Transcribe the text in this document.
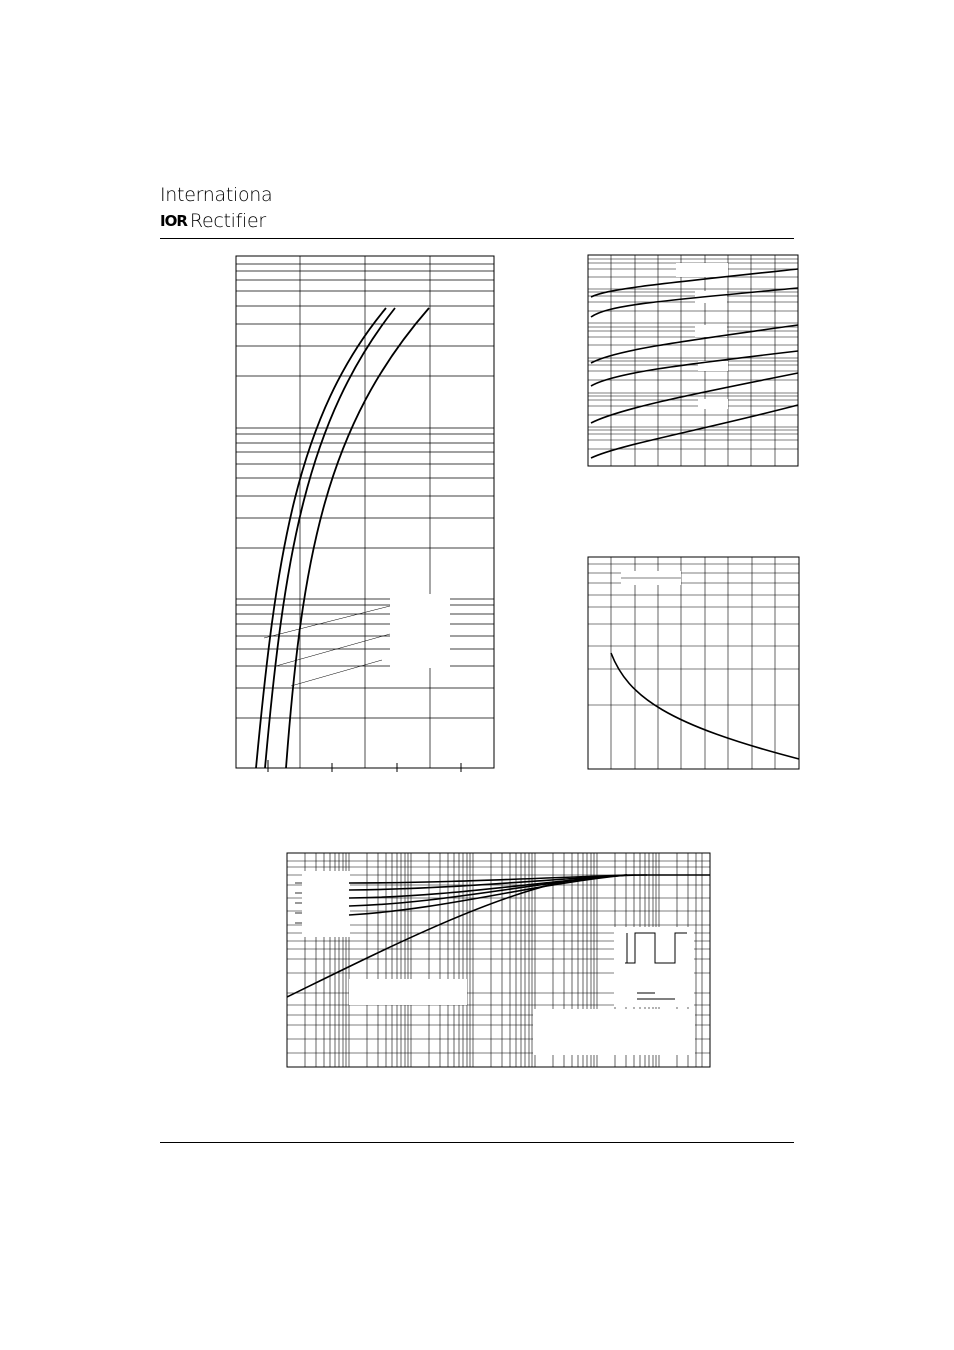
Internationa
IOR Rectifier
